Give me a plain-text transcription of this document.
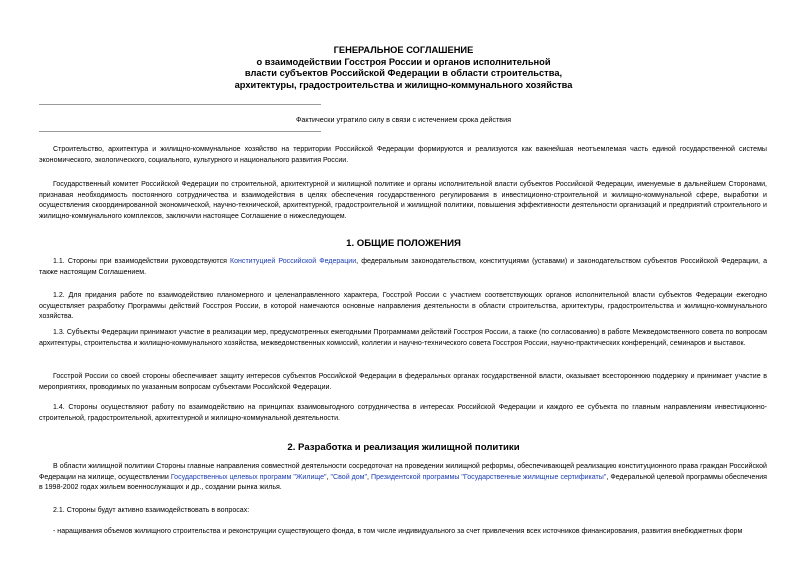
ГЕНЕРАЛЬНОЕ СОГЛАШЕНИЕ
о взаимодействии Госстроя России и органов исполнительной
власти субъектов Российской Федерации в области строительства,
архитектуры, градостроительства и жилищно-коммунального хозяйства
Фактически утратило силу в связи с истечением срока действия
Строительство, архитектура и жилищно-коммунальное хозяйство на территории Российской Федерации формируются и реализуются как важнейшая неотъемлемая часть единой государственной системы экономического, экологического, социального, культурного и национального развития России.
Государственный комитет Российской Федерации по строительной, архитектурной и жилищной политике и органы исполнительной власти субъектов Российской Федерации, именуемые в дальнейшем Сторонами, признавая необходимость постоянного сотрудничества и взаимодействия в целях обеспечения государственного регулирования в инвестиционно-строительной и жилищно-коммунальной сфере, выработки и осуществления скоординированной экономической, научно-технической, архитектурной, градостроительной и жилищной политики, повышения эффективности деятельности организаций и предприятий строительного и жилищно-коммунального комплексов, заключили настоящее Соглашение о нижеследующем.
1. ОБЩИЕ ПОЛОЖЕНИЯ
1.1. Стороны при взаимодействии руководствуются Конституцией Российской Федерации, федеральным законодательством, конституциями (уставами) и законодательством субъектов Российской Федерации, а также настоящим Соглашением.
1.2. Для придания работе по взаимодействию планомерного и целенаправленного характера, Госстрой России с участием соответствующих органов исполнительной власти субъектов Федерации ежегодно осуществляет разработку Программы действий Госстроя России, в которой намечаются основные направления деятельности в области строительства, архитектуры, градостроительства и жилищно-коммунального хозяйства.
1.3. Субъекты Федерации принимают участие в реализации мер, предусмотренных ежегодными Программами действий Госстроя России, а также (по согласованию) в работе Межведомственного совета по вопросам архитектуры, строительства и жилищно-коммунального хозяйства, межведомственных комиссий, коллегии и научно-технического совета Госстроя России, научно-практических конференций, семинаров и выставок.
Госстрой России со своей стороны обеспечивает защиту интересов субъектов Российской Федерации в федеральных органах государственной власти, оказывает всестороннюю поддержку и принимает участие в мероприятиях, проводимых по указанным вопросам субъектами Российской Федерации.
1.4. Стороны осуществляют работу по взаимодействию на принципах взаимовыгодного сотрудничества в интересах Российской Федерации и каждого ее субъекта по главным направлениям инвестиционно-строительной, градостроительной, архитектурной и жилищно-коммунальной деятельности.
2. Разработка и реализация жилищной политики
В области жилищной политики Стороны главные направления совместной деятельности сосредоточат на проведении жилищной реформы, обеспечивающей реализацию конституционного права граждан Российской Федерации на жилище, осуществлении Государственных целевых программ "Жилище", "Свой дом", Президентской программы "Государственные жилищные сертификаты", Федеральной целевой программы обеспечения в 1998-2002 годах жильем военнослужащих и др., создании рынка жилья.
2.1. Стороны будут активно взаимодействовать в вопросах:
- наращивания объемов жилищного строительства и реконструкции существующего фонда, в том числе индивидуального за счет привлечения всех источников финансирования, развития внебюджетных форм
